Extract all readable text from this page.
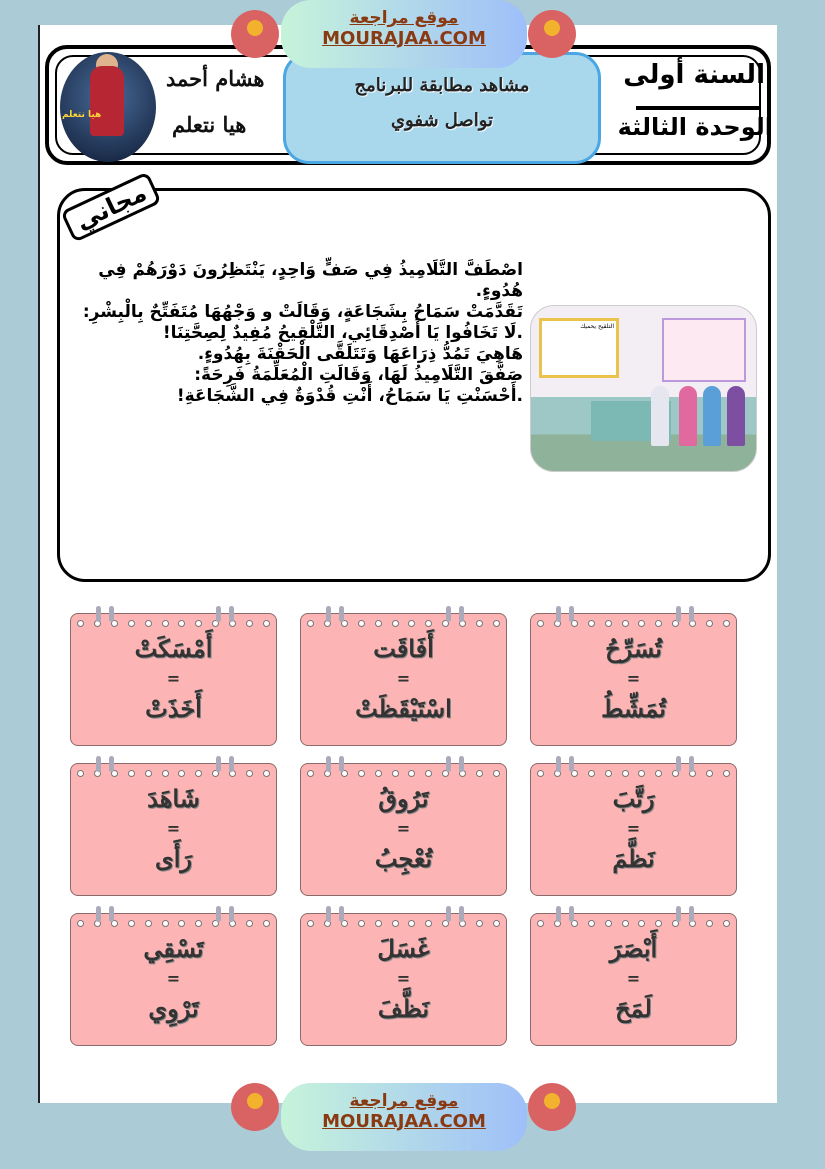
هيا نتعلم
هشام أحمد
هيا نتعلم
مشاهد مطابقة للبرنامج
تواصل شفوي
السنة أولى
الوحدة الثالثة
مجاني
اصْطَفَّ التَّلَامِيذُ فِي صَفٍّ وَاحِدٍ، يَنْتَظِرُونَ دَوْرَهُمْ فِي هُدُوءٍ.
تَقَدَّمَتْ سَمَاحُ بِشَجَاعَةٍ، وَقَالَتْ و وَجْهُهَا مُتَفَتِّحٌ بِالْبِشْرِ:
.لَا تَخَافُوا يَا أَصْدِقَائِي، التَّلْقِيحُ مُفِيدٌ لِصِحَّتِنَا!
هَاهِيَ تَمُدُّ ذِرَاعَهَا وَتَتَلَقَّى الْحَقْنَةَ بِهُدُوءٍ.
صَفَّقَ التَّلَامِيذُ لَهَا، وَقَالَتِ الْمُعَلِّمَةُ فَرِحَةً:
.أَحْسَنْتِ يَا سَمَاحُ، أَنْتِ قُدْوَةٌ فِي الشَّجَاعَةِ!
التلقيح يحميك
تُسَرِّحُ
=
تُمَشِّطُ
أَفَاقَت
=
اسْتَيْقَظَتْ
أَمْسَكَتْ
=
أَخَذَتْ
رَتَّبَ
=
نَظَّمَ
تَرُوقُ
=
تُعْجِبُ
شَاهَدَ
=
رَأَى
أَبْصَرَ
=
لَمَحَ
غَسَلَ
=
نَظَّفَ
تَسْقِي
=
تَرْوِي
موقع مراجعة
MOURAJAA.COM
موقع مراجعة
MOURAJAA.COM
